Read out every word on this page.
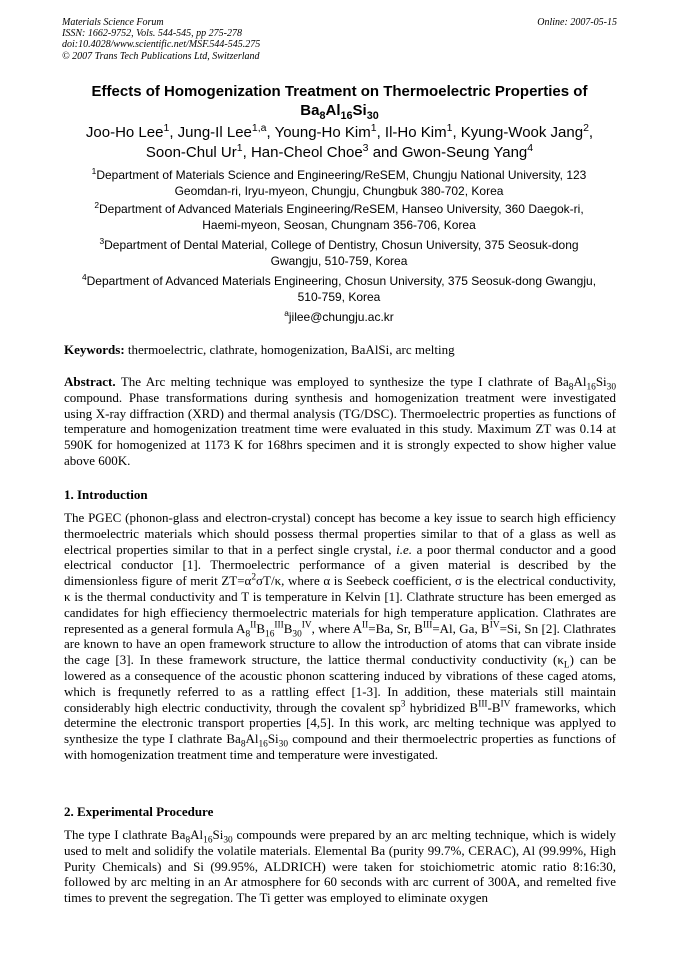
Materials Science Forum
ISSN: 1662-9752, Vols. 544-545, pp 275-278
doi:10.4028/www.scientific.net/MSF.544-545.275
© 2007 Trans Tech Publications Ltd, Switzerland
Online: 2007-05-15
Effects of Homogenization Treatment on Thermoelectric Properties of
$Ba_8Al_{16}Si_{30}$
Joo-Ho Lee$^1$, Jung-Il Lee$^{1,a}$, Young-Ho Kim$^1$, Il-Ho Kim$^1$, Kyung-Wook Jang$^2$,
Soon-Chul Ur$^1$, Han-Cheol Choe$^3$ and Gwon-Seung Yang$^4$
$^1$Department of Materials Science and Engineering/ReSEM, Chungju National University, 123 Geomdan-ri, Iryu-myeon, Chungju, Chungbuk 380-702, Korea
$^2$Department of Advanced Materials Engineering/ReSEM, Hanseo University, 360 Daegok-ri, Haemi-myeon, Seosan, Chungnam 356-706, Korea
$^3$Department of Dental Material, College of Dentistry, Chosun University, 375 Seosuk-dong Gwangju, 510-759, Korea
$^4$Department of Advanced Materials Engineering, Chosun University, 375 Seosuk-dong Gwangju, 510-759, Korea
$^a$jilee@chungju.ac.kr
Keywords: thermoelectric, clathrate, homogenization, BaAlSi, arc melting
Abstract. The Arc melting technique was employed to synthesize the type I clathrate of $Ba_8Al_{16}Si_{30}$ compound. Phase transformations during synthesis and homogenization treatment were investigated using X-ray diffraction (XRD) and thermal analysis (TG/DSC). Thermoelectric properties as functions of temperature and homogenization treatment time were evaluated in this study. Maximum ZT was 0.14 at 590K for homogenized at 1173 K for 168hrs specimen and it is strongly expected to show higher value above 600K.
1. Introduction
The PGEC (phonon-glass and electron-crystal) concept has become a key issue to search high efficiency thermoelectric materials which should possess thermal properties similar to that of a glass as well as electrical properties similar to that in a perfect single crystal, i.e. a poor thermal conductor and a good electrical conductor [1]. Thermoelectric performance of a given material is described by the dimensionless figure of merit $ZT=\alpha^2\sigma T/\kappa$, where α is Seebeck coefficient, σ is the electrical conductivity, κ is the thermal conductivity and T is temperature in Kelvin [1]. Clathrate structure has been emerged as candidates for high effieciency thermoelectric materials for high temperature application. Clathrates are represented as a general formula $A_8^{II}B_{16}^{III}B_{30}^{IV}$, where $A^{II}=Ba$, Sr, $B^{III}=Al$, Ga, $B^{IV}=Si$, Sn [2]. Clathrates are known to have an open framework structure to allow the introduction of atoms that can vibrate inside the cage [3]. In these framework structure, the lattice thermal conductivity conductivity $(\kappa_L)$ can be lowered as a consequence of the acoustic phonon scattering induced by vibrations of these caged atoms, which is frequnetly referred to as a rattling effect [1-3]. In addition, these materials still maintain considerably high electric conductivity, through the covalent $sp^3$ hybridized $B^{III}-B^{IV}$ frameworks, which determine the electronic transport properties [4,5]. In this work, arc melting technique was applyed to synthesize the type I clathrate $Ba_8Al_{16}Si_{30}$ compound and their thermoelectric properties as functions of with homogenization treatment time and temperature were investigated.
2. Experimental Procedure
The type I clathrate $Ba_8Al_{16}Si_{30}$ compounds were prepared by an arc melting technique, which is widely used to melt and solidify the volatile materials. Elemental Ba (purity 99.7%, CERAC), Al (99.99%, High Purity Chemicals) and Si (99.95%, ALDRICH) were taken for stoichiometric atomic ratio 8:16:30, followed by arc melting in an Ar atmosphere for 60 seconds with arc current of 300A, and remelted five times to prevent the segregation. The Ti getter was employed to eliminate oxygen
